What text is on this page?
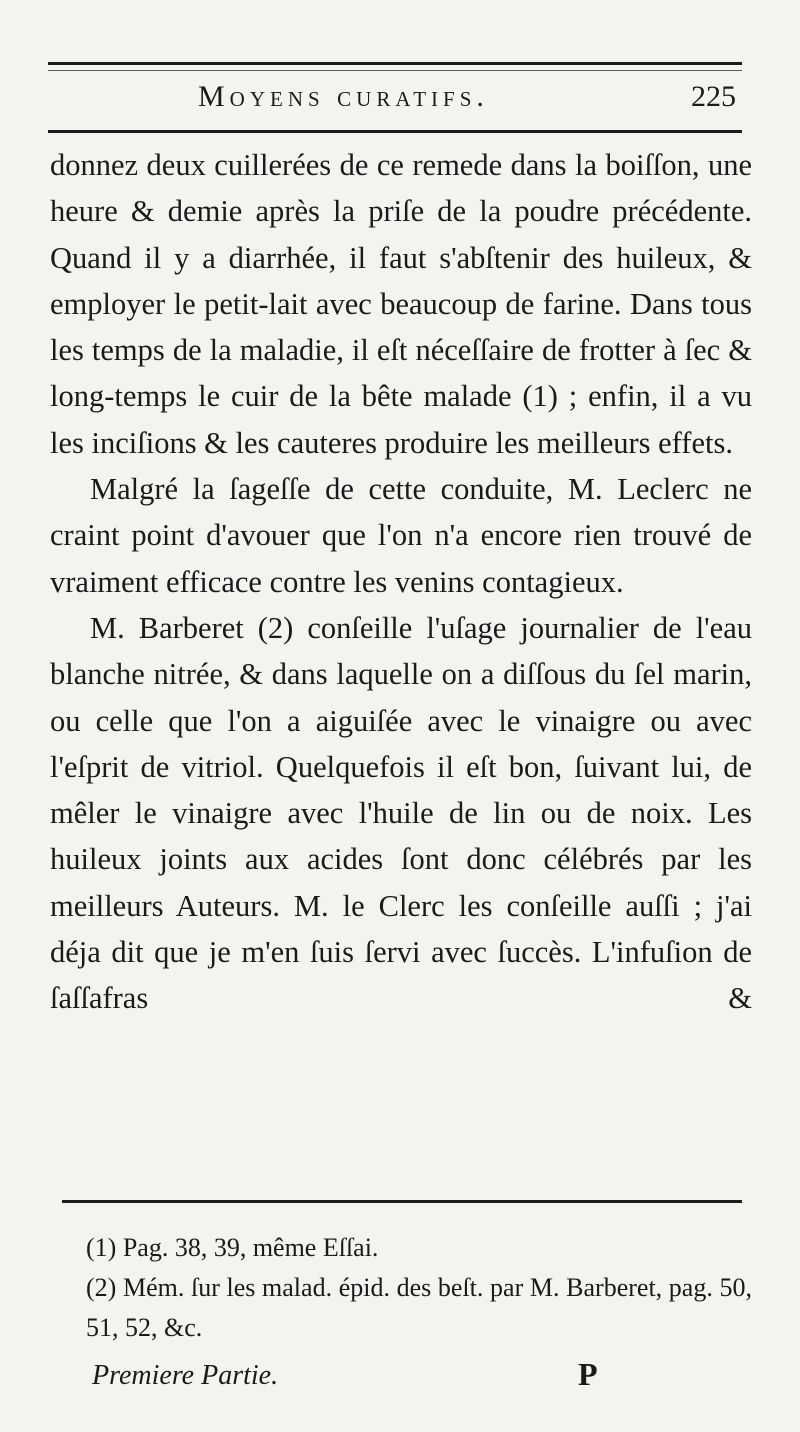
Moyens curatifs.	225

donnez deux cuillerées de ce remede dans la boiſſon, une heure & demie après la priſe de la poudre précédente. Quand il y a diarrhée, il faut s'abſtenir des huileux, & employer le petit-lait avec beaucoup de farine. Dans tous les temps de la maladie, il eſt néceſſaire de frotter à ſec & long-temps le cuir de la bête malade (1) ; enfin, il a vu les inciſions & les cauteres produire les meilleurs effets.

Malgré la ſageſſe de cette conduite, M. Leclerc ne craint point d'avouer que l'on n'a encore rien trouvé de vraiment efficace contre les venins contagieux.

M. Barberet (2) conſeille l'uſage journalier de l'eau blanche nitrée, & dans laquelle on a diſſous du ſel marin, ou celle que l'on a aiguiſée avec le vinaigre ou avec l'eſprit de vitriol. Quelquefois il eſt bon, ſuivant lui, de mêler le vinaigre avec l'huile de lin ou de noix. Les huileux joints aux acides ſont donc célébrés par les meilleurs Auteurs. M. le Clerc les conſeille auſſi ; j'ai déja dit que je m'en ſuis ſervi avec ſuccès. L'infuſion de ſaſſafras &

(1) Pag. 38, 39, même Eſſai.

(2) Mém. ſur les malad. épid. des beſt. par M. Barberet, pag. 50, 51, 52, &c.

Premiere Partie.	P
